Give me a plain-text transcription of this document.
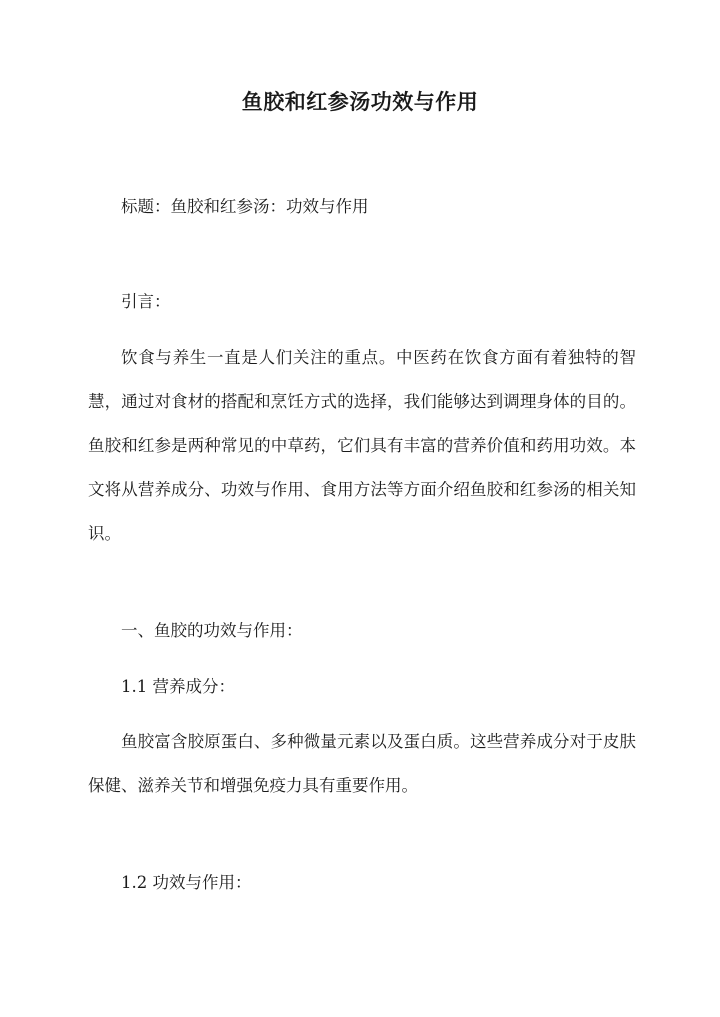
鱼胶和红参汤功效与作用
标题：鱼胶和红参汤：功效与作用
引言：
饮食与养生一直是人们关注的重点。中医药在饮食方面有着独特的智慧，通过对食材的搭配和烹饪方式的选择，我们能够达到调理身体的目的。鱼胶和红参是两种常见的中草药，它们具有丰富的营养价值和药用功效。本文将从营养成分、功效与作用、食用方法等方面介绍鱼胶和红参汤的相关知识。
一、鱼胶的功效与作用：
1.1 营养成分：
鱼胶富含胶原蛋白、多种微量元素以及蛋白质。这些营养成分对于皮肤保健、滋养关节和增强免疫力具有重要作用。
1.2 功效与作用：
